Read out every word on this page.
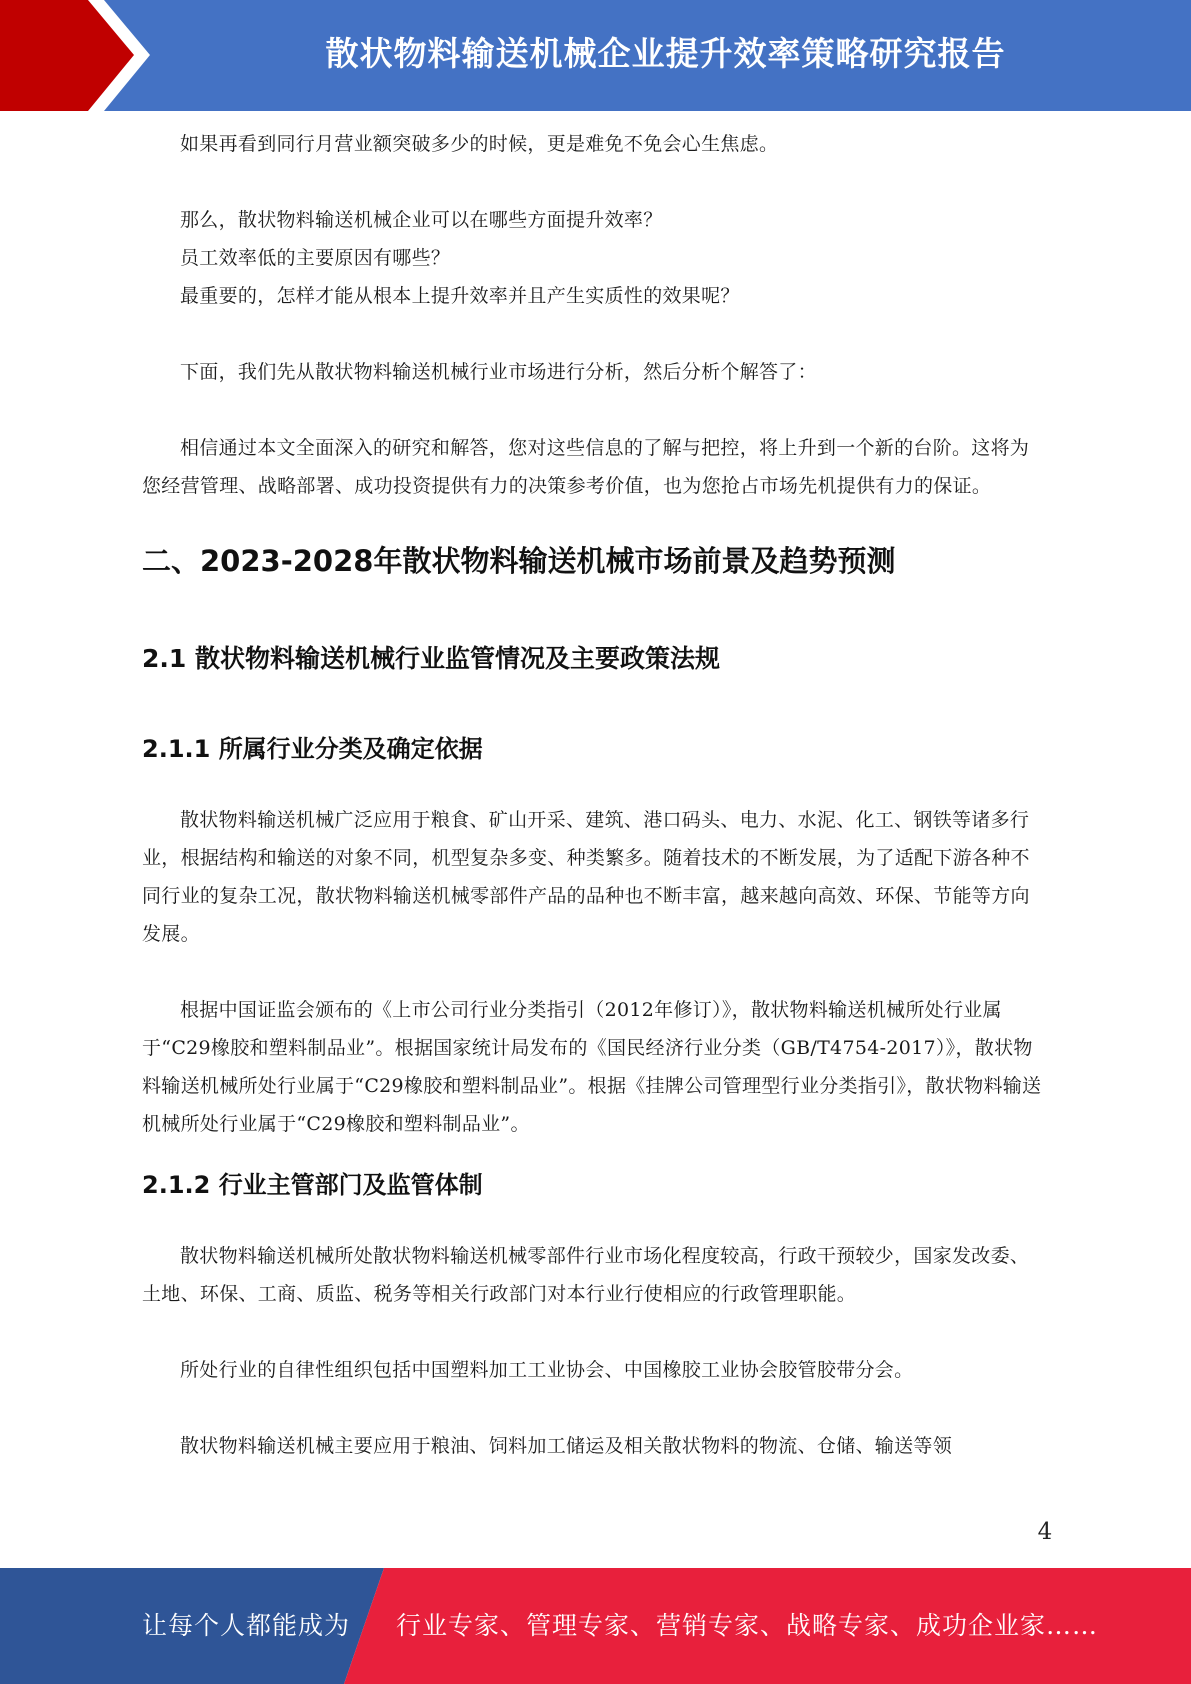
散状物料输送机械企业提升效率策略研究报告

如果再看到同行月营业额突破多少的时候，更是难免不免会心生焦虑。

那么，散状物料输送机械企业可以在哪些方面提升效率？

员工效率低的主要原因有哪些？

最重要的，怎样才能从根本上提升效率并且产生实质性的效果呢？

下面，我们先从散状物料输送机械行业市场进行分析，然后分析个解答了：

相信通过本文全面深入的研究和解答，您对这些信息的了解与把控，将上升到一个新的台阶。这将为您经营管理、战略部署、成功投资提供有力的决策参考价值，也为您抢占市场先机提供有力的保证。

二、2023-2028年散状物料输送机械市场前景及趋势预测
2.1 散状物料输送机械行业监管情况及主要政策法规
2.1.1 所属行业分类及确定依据

散状物料输送机械广泛应用于粮食、矿山开采、建筑、港口码头、电力、水泥、化工、钢铁等诸多行业，根据结构和输送的对象不同，机型复杂多变、种类繁多。随着技术的不断发展，为了适配下游各种不同行业的复杂工况，散状物料输送机械零部件产品的品种也不断丰富，越来越向高效、环保、节能等方向发展。

根据中国证监会颁布的《上市公司行业分类指引（2012年修订）》，散状物料输送机械所处行业属于“C29橡胶和塑料制品业”。根据国家统计局发布的《国民经济行业分类（GB/T4754-2017）》，散状物料输送机械所处行业属于“C29橡胶和塑料制品业”。根据《挂牌公司管理型行业分类指引》，散状物料输送机械所处行业属于“C29橡胶和塑料制品业”。

2.1.2 行业主管部门及监管体制

散状物料输送机械所处散状物料输送机械零部件行业市场化程度较高，行政干预较少，国家发改委、土地、环保、工商、质监、税务等相关行政部门对本行业行使相应的行政管理职能。

所处行业的自律性组织包括中国塑料加工工业协会、中国橡胶工业协会胶管胶带分会。

散状物料输送机械主要应用于粮油、饲料加工储运及相关散状物料的物流、仓储、输送等领

4
让每个人都能成为 行业专家、管理专家、营销专家、战略专家、成功企业家……
